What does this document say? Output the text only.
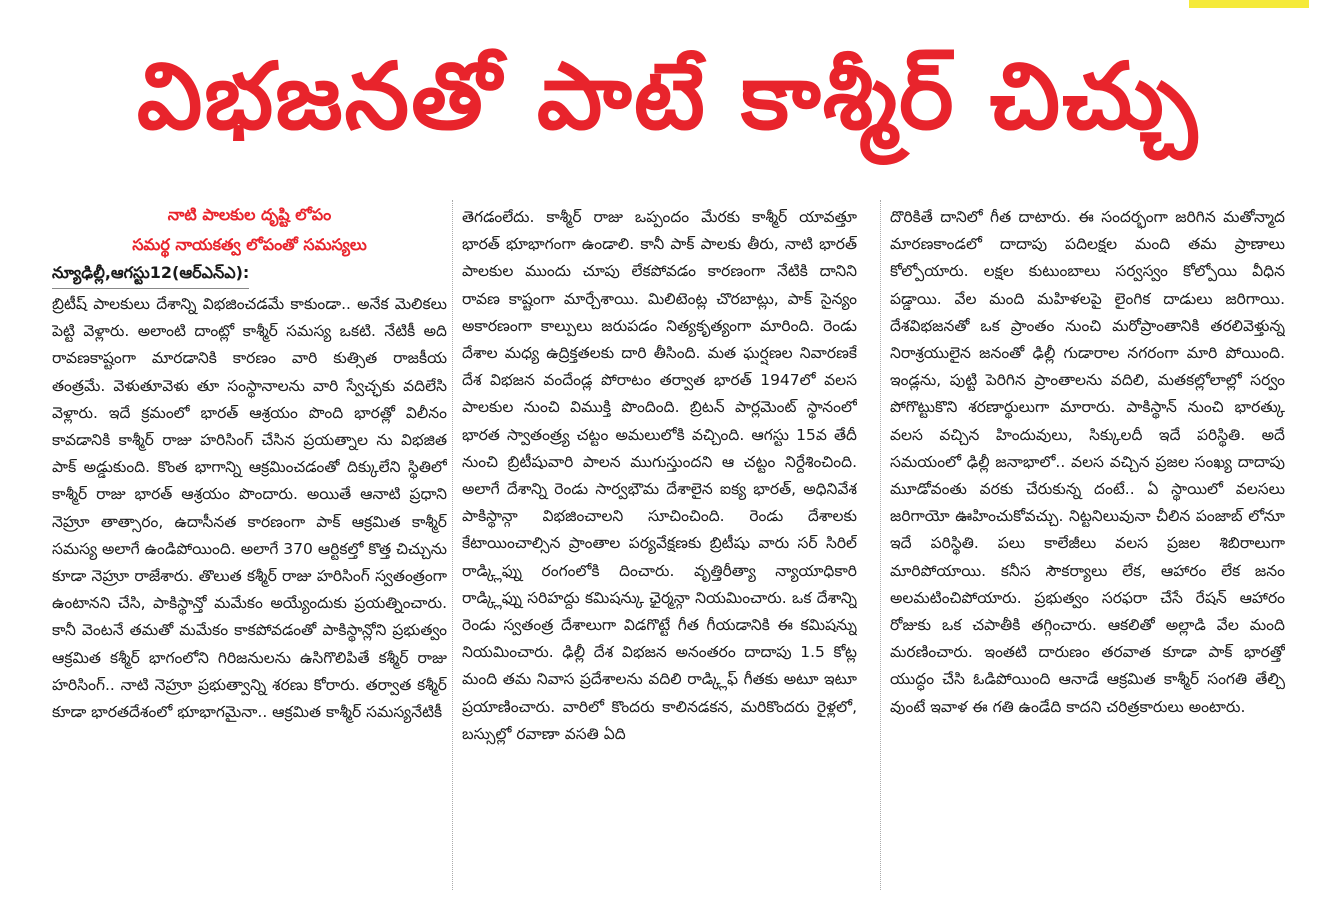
విభజనతో పాటే కాశ్మీర్ చిచ్చు
నాటి పాలకుల దృష్టి లోపం
సమర్థ నాయకత్వ లోపంతో సమస్యలు
న్యూఢిల్లీ,ఆగస్టు12(ఆర్ఎన్ఎ):

బ్రిటీష్ పాలకులు దేశాన్ని విభజించడమే కాకుండా.. అనేక మెలికలు పెట్టి వెళ్లారు. అలాంటి దాంట్లో కాశ్మీర్ సమస్య ఒకటి. నేటికీ అది రావణకాష్టంగా మారడానికి కారణం వారి కుత్సిత రాజకీయ తంత్రమే. వెళుతూవెళు తూ సంస్థానాలను వారి స్వేచ్ఛకు వదిలేసి వెళ్లారు. ఇదే క్రమంలో భారత్ ఆశ్రయం పొంది భారత్లో విలీనం కావడానికి కాశ్మీర్ రాజు హరిసింగ్ చేసిన ప్రయత్నాల ను విభజిత పాక్ అడ్డుకుంది. కొంత భాగాన్ని ఆక్రమించడంతో దిక్కులేని స్థితిలో కాశ్మీర్ రాజు భారత్ ఆశ్రయం పొందారు. అయితే ఆనాటి ప్రధాని నెహ్రూ తాత్సారం, ఉదాసీనత కారణంగా పాక్ ఆక్రమిత కాశ్మీర్ సమస్య అలాగే ఉండిపోయింది. అలాగే 370 ఆర్టికల్తో కొత్త చిచ్చును కూడా నెహ్రూ రాజేశారు. తొలుత కశ్మీర్ రాజు హరిసింగ్ స్వతంత్రంగా ఉంటానని చేసి, పాకిస్థాన్తో మమేకం అయ్యేందుకు ప్రయత్నించారు. కానీ వెంటనే తమతో మమేకం కాకపోవడంతో పాకిస్థాన్లోని ప్రభుత్వం ఆక్రమిత కశ్మీర్ భాగంలోని గిరిజనులను ఉసిగొలిపితే కశ్మీర్ రాజు హరిసింగ్.. నాటి నెహ్రూ ప్రభుత్వాన్ని శరణు కోరారు. తర్వాత కశ్మీర్ కూడా భారతదేశంలో భూభాగమైనా.. ఆక్రమిత కాశ్మీర్ సమస్యనేటికీ

తెగడంలేదు. కాశ్మీర్ రాజు ఒప్పందం మేరకు కాశ్మీర్ యావత్తూ భారత్ భూభాగంగా ఉండాలి. కానీ పాక్ పాలకు తీరు, నాటి భారత్ పాలకుల ముందు చూపు లేకపోవడం కారణంగా నేటికి దానిని రావణ కాష్టంగా మార్చేశాయి. మిలిటెంట్ల చొరబాట్లు, పాక్ సైన్యం అకారణంగా కాల్పులు జరుపడం నిత్యకృత్యంగా మారింది. రెండు దేశాల మధ్య ఉద్రిక్తతలకు దారి తీసింది. మత ఘర్షణల నివారణకే దేశ విభజన వందేండ్ల పోరాటం తర్వాత భారత్ 1947లో వలస పాలకుల నుంచి విముక్తి పొందింది. బ్రిటన్ పార్లమెంట్ స్థానంలో భారత స్వాతంత్ర్య చట్టం అమలులోకి వచ్చింది. ఆగస్టు 15వ తేదీ నుంచి బ్రిటీషువారి పాలన ముగుస్తుందని ఆ చట్టం నిర్దేశించింది. అలాగే దేశాన్ని రెండు సార్వభౌమ దేశాలైన ఐక్య భారత్, అధినివేశ పాకిస్థాన్గా విభజించాలని సూచించింది. రెండు దేశాలకు కేటాయించాల్సిన ప్రాంతాల పర్యవేక్షణకు బ్రిటీషు వారు సర్ సిరిల్ రాడ్క్లిఫ్ను రంగంలోకి దించారు. వృత్తిరీత్యా న్యాయాధికారి రాడ్క్లిఫ్ను సరిహద్దు కమిషన్కు ఛైర్మన్గా నియమించారు. ఒక దేశాన్ని రెండు స్వతంత్ర దేశాలుగా విడగొట్టే గీత గీయడానికి ఈ కమిషన్ను నియమించారు. ఢిల్లీ దేశ విభజన అనంతరం దాదాపు 1.5 కోట్ల మంది తమ నివాస ప్రదేశాలను వదిలి రాడ్క్లిఫ్ గీతకు అటూ ఇటూ ప్రయాణించారు. వారిలో కొందరు కాలినడకన, మరికొందరు రైళ్లలో, బస్సుల్లో రవాణా వసతి ఏది

దొరికితే దానిలో గీత దాటారు. ఈ సందర్భంగా జరిగిన మతోన్మాద మారణకాండలో దాదాపు పదిలక్షల మంది తమ ప్రాణాలు కోల్పోయారు. లక్షల కుటుంబాలు సర్వస్వం కోల్పోయి వీధిన పడ్డాయి. వేల మంది మహిళలపై లైంగిక దాడులు జరిగాయి. దేశవిభజనతో ఒక ప్రాంతం నుంచి మరోప్రాంతానికి తరలివెళ్తున్న నిరాశ్రయులైన జనంతో ఢిల్లీ గుడారాల నగరంగా మారి పోయింది. ఇండ్లను, పుట్టి పెరిగిన ప్రాంతాలను వదిలి, మతకల్లోలాల్లో సర్వం పోగొట్టుకొని శరణార్థులుగా మారారు. పాకిస్థాన్ నుంచి భారత్కు వలస వచ్చిన హిందువులు, సిక్కులదీ ఇదే పరిస్థితి. అదే సమయంలో ఢిల్లీ జనాభాలో.. వలస వచ్చిన ప్రజల సంఖ్య దాదాపు మూడోవంతు వరకు చేరుకున్న దంటే.. ఏ స్థాయిలో వలసలు జరిగాయో ఊహించుకోవచ్చు. నిట్టనిలువునా చీలిన పంజాబ్ లోనూ ఇదే పరిస్థితి. పలు కాలేజీలు వలస ప్రజల శిబిరాలుగా మారిపోయాయి. కనీస సౌకర్యాలు లేక, ఆహారం లేక జనం అలమటించిపోయారు. ప్రభుత్వం సరఫరా చేసే రేషన్ ఆహారం రోజుకు ఒక చపాతీకి తగ్గించారు. ఆకలితో అల్లాడి వేల మంది మరణించారు. ఇంతటి దారుణం తరవాత కూడా పాక్ భారత్తో యుద్ధం చేసి ఓడిపోయింది ఆనాడే ఆక్రమిత కాశ్మీర్ సంగతి తేల్చి వుంటే ఇవాళ ఈ గతి ఉండేది కాదని చరిత్రకారులు అంటారు.
